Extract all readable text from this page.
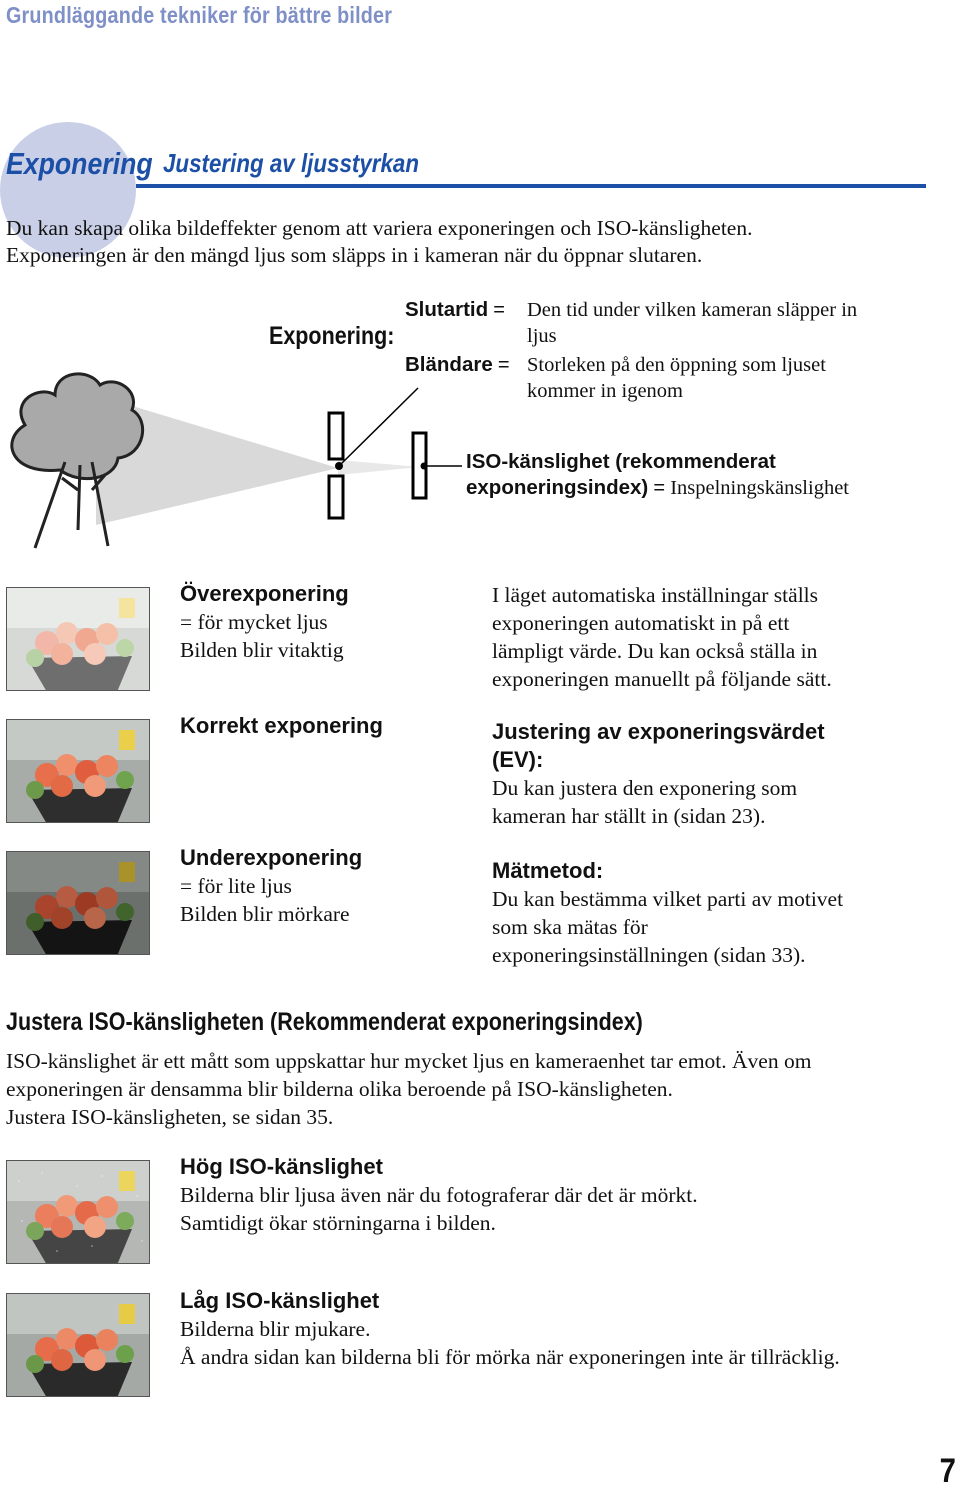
Grundläggande tekniker för bättre bilder
Exponering Justering av ljusstyrkan
Du kan skapa olika bildeffekter genom att variera exponeringen och ISO-känsligheten.
Exponeringen är den mängd ljus som släpps in i kameran när du öppnar slutaren.
Exponering:
Slutartid = Den tid under vilken kameran släpper in
ljus
Bländare = Storleken på den öppning som ljuset
kommer in igenom
ISO-känslighet (rekommenderat
exponeringsindex) = Inspelningskänslighet
Överexponering
= för mycket ljus
Bilden blir vitaktig
Korrekt exponering
Underexponering
= för lite ljus
Bilden blir mörkare
I läget automatiska inställningar ställs
exponeringen automatiskt in på ett
lämpligt värde. Du kan också ställa in
exponeringen manuellt på följande sätt.
Justering av exponeringsvärdet
(EV):
Du kan justera den exponering som
kameran har ställt in (sidan 23).
Mätmetod:
Du kan bestämma vilket parti av motivet
som ska mätas för
exponeringsinställningen (sidan 33).
Justera ISO-känsligheten (Rekommenderat exponeringsindex)
ISO-känslighet är ett mått som uppskattar hur mycket ljus en kameraenhet tar emot. Även om
exponeringen är densamma blir bilderna olika beroende på ISO-känsligheten.
Justera ISO-känsligheten, se sidan 35.
Hög ISO-känslighet
Bilderna blir ljusa även när du fotograferar där det är mörkt.
Samtidigt ökar störningarna i bilden.
Låg ISO-känslighet
Bilderna blir mjukare.
Å andra sidan kan bilderna bli för mörka när exponeringen inte är tillräcklig.
7
